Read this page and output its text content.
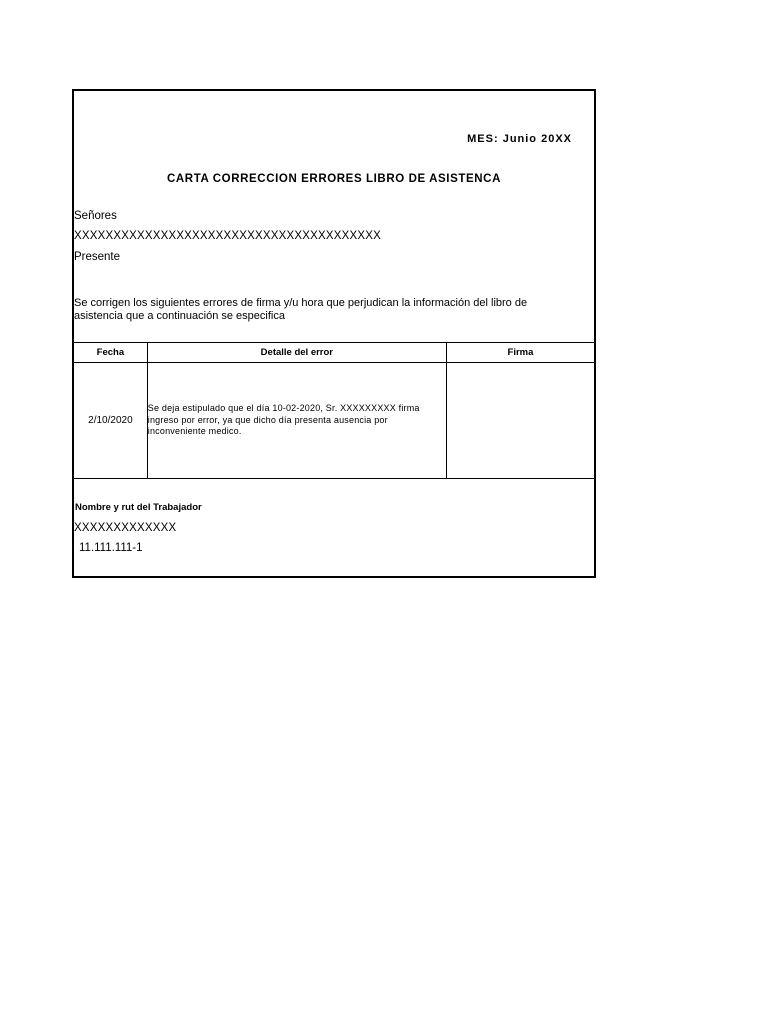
MES: Junio 20XX
CARTA CORRECCION ERRORES LIBRO DE ASISTENCA
Señores
XXXXXXXXXXXXXXXXXXXXXXXXXXXXXXXXXXXXXXX
Presente
Se corrigen los siguientes errores de firma y/u hora que perjudican la información del libro de asistencia que a continuación se especifica
Fecha	Detalle del error	Firma
2/10/2020	Se deja estipulado que el día 10-02-2020, Sr. XXXXXXXXX firma ingreso por error, ya que dicho día presenta ausencia por inconveniente medico.	
Nombre y rut del Trabajador
XXXXXXXXXXXXX
11.111.111-1
